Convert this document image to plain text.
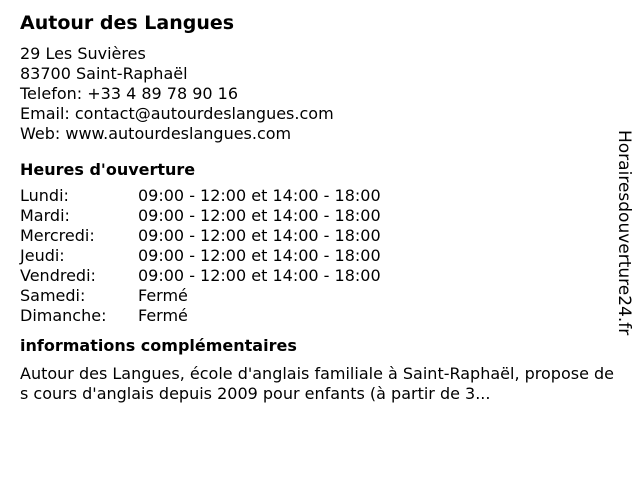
Autour des Langues
29 Les Suvières
83700 Saint-Raphaël
Telefon: +33 4 89 78 90 16
Email: contact@autourdeslangues.com
Web: www.autourdeslangues.com
Heures d'ouverture
Lundi:	09:00 - 12:00 et 14:00 - 18:00
Mardi:	09:00 - 12:00 et 14:00 - 18:00
Mercredi:	09:00 - 12:00 et 14:00 - 18:00
Jeudi:	09:00 - 12:00 et 14:00 - 18:00
Vendredi:	09:00 - 12:00 et 14:00 - 18:00
Samedi:	Fermé
Dimanche:	Fermé
informations complémentaires
Autour des Langues, école d'anglais familiale à Saint-Raphaël, propose des cours d'anglais depuis 2009 pour enfants (à partir de 3...
Horairesdouverture24.fr
